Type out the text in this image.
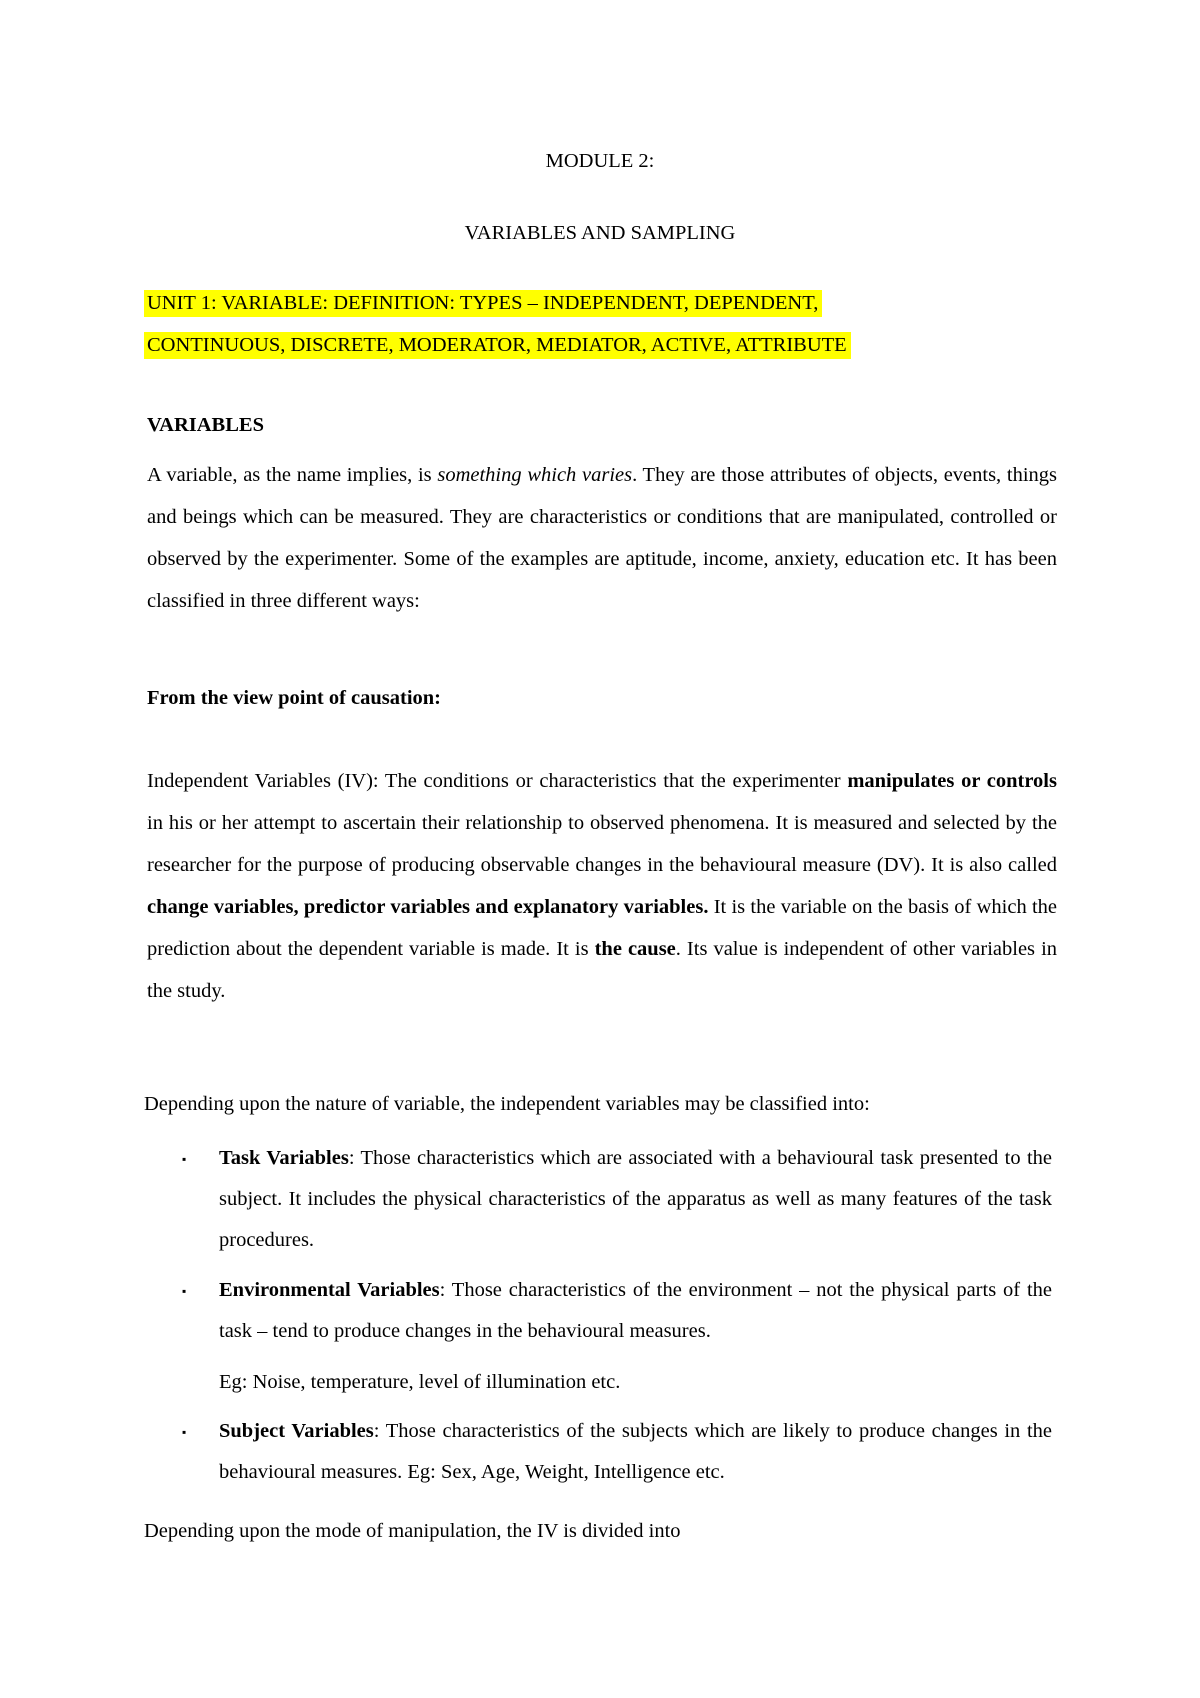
MODULE 2:
VARIABLES AND SAMPLING
UNIT 1: VARIABLE: DEFINITION: TYPES – INDEPENDENT, DEPENDENT,
CONTINUOUS, DISCRETE, MODERATOR, MEDIATOR, ACTIVE, ATTRIBUTE
VARIABLES
A variable, as the name implies, is something which varies. They are those attributes of objects, events, things and beings which can be measured. They are characteristics or conditions that are manipulated, controlled or observed by the experimenter. Some of the examples are aptitude, income, anxiety, education etc. It has been classified in three different ways:
From the view point of causation:
Independent Variables (IV): The conditions or characteristics that the experimenter manipulates or controls in his or her attempt to ascertain their relationship to observed phenomena. It is measured and selected by the researcher for the purpose of producing observable changes in the behavioural measure (DV). It is also called change variables, predictor variables and explanatory variables. It is the variable on the basis of which the prediction about the dependent variable is made. It is the cause. Its value is independent of other variables in the study.
Depending upon the nature of variable, the independent variables may be classified into:
▪ Task Variables: Those characteristics which are associated with a behavioural task presented to the subject. It includes the physical characteristics of the apparatus as well as many features of the task procedures.
▪ Environmental Variables: Those characteristics of the environment – not the physical parts of the task – tend to produce changes in the behavioural measures.
Eg: Noise, temperature, level of illumination etc.
▪ Subject Variables: Those characteristics of the subjects which are likely to produce changes in the behavioural measures. Eg: Sex, Age, Weight, Intelligence etc.
Depending upon the mode of manipulation, the IV is divided into
